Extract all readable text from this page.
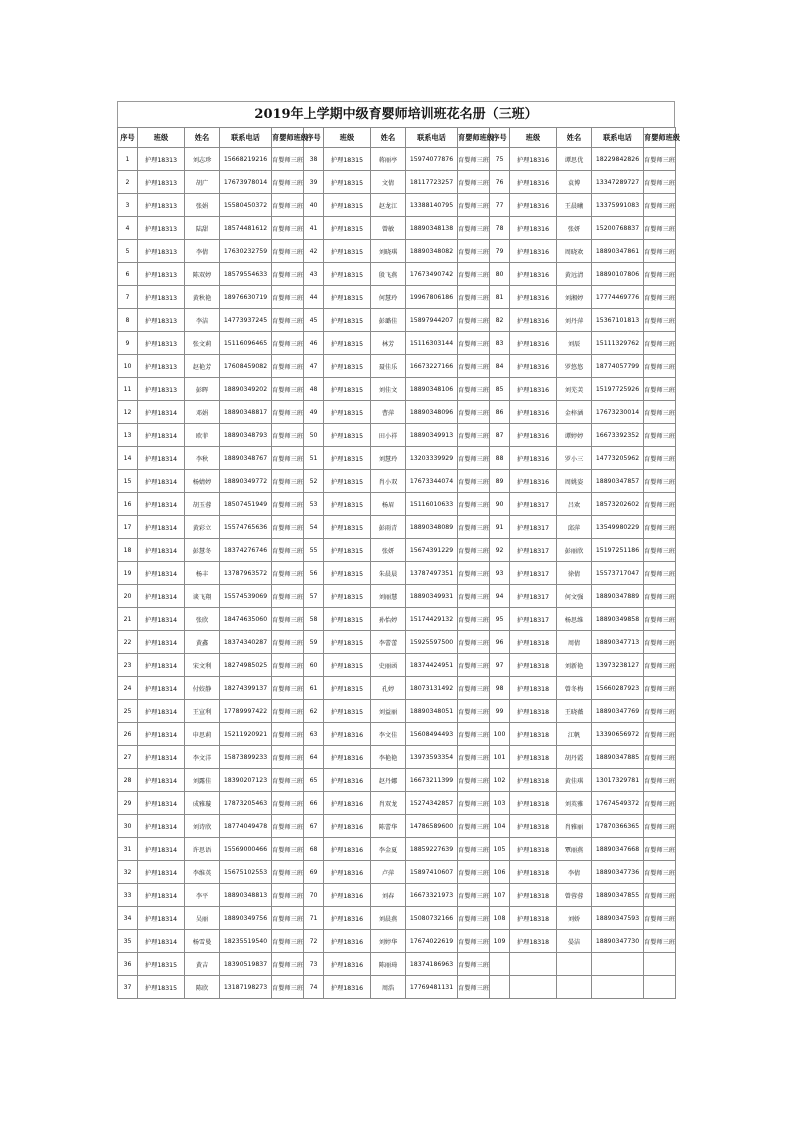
2019年上学期中级育婴师培训班花名册（三班）
序号	班级	姓名	联系电话	育婴师班级	序号	班级	姓名	联系电话	育婴师班级	序号	班级	姓名	联系电话	育婴师班级
1	护理18313	刘志珍	15668219216	育婴师三班	38	护理18315	蒋丽亭	15974077876	育婴师三班	75	护理18316	谭思优	18229842826	育婴师三班
2	护理18313	胡广	17673978014	育婴师三班	39	护理18315	文倩	18117723257	育婴师三班	76	护理18316	袁博	13347289727	育婴师三班
3	护理18313	张娟	15580450372	育婴师三班	40	护理18315	赵龙江	13388140795	育婴师三班	77	护理18316	王晨曦	13375991083	育婴师三班
4	护理18313	陆甜	18574481612	育婴师三班	41	护理18315	曾敏	18890348138	育婴师三班	78	护理18316	张妍	15200768837	育婴师三班
5	护理18313	李倩	17630232759	育婴师三班	42	护理18315	刘晓琪	18890348082	育婴师三班	79	护理18316	周晓欢	18890347861	育婴师三班
6	护理18313	陈双婷	18579554633	育婴师三班	43	护理18315	殷飞燕	17673490742	育婴师三班	80	护理18316	黄远清	18890107806	育婴师三班
7	护理18313	黄秋艳	18976630719	育婴师三班	44	护理18315	何慧玲	19967806186	育婴师三班	81	护理18316	刘湘婷	17774469776	育婴师三班
8	护理18313	李洁	14773937245	育婴师三班	45	护理18315	彭璐佳	15897944207	育婴师三班	82	护理18316	刘丹萍	15367101813	育婴师三班
9	护理18313	张文莉	15116096465	育婴师三班	46	护理18315	林芳	15116303144	育婴师三班	83	护理18316	刘辰	15111329762	育婴师三班
10	护理18313	赵艳芳	17608459082	育婴师三班	47	护理18315	聂佳乐	16673227166	育婴师三班	84	护理18316	罗悠悠	18774057799	育婴师三班
11	护理18313	彭晖	18890349202	育婴师三班	48	护理18315	刘佳文	18890348106	育婴师三班	85	护理18316	刘芜芙	15197725926	育婴师三班
12	护理18314	邓娟	18890348817	育婴师三班	49	护理18315	曹萍	18890348096	育婴师三班	86	护理18316	金梓涵	17673230014	育婴师三班
13	护理18314	欧菲	18890348793	育婴师三班	50	护理18315	田小祥	18890349913	育婴师三班	87	护理18316	谭婷婷	16673392352	育婴师三班
14	护理18314	李秋	18890348767	育婴师三班	51	护理18315	刘慧玲	13203339929	育婴师三班	88	护理18316	罗小三	14773205962	育婴师三班
15	护理18314	杨婧婷	18890349772	育婴师三班	52	护理18315	肖小双	17673344074	育婴师三班	89	护理18316	周姚姿	18890347857	育婴师三班
16	护理18314	胡玉蓉	18507451949	育婴师三班	53	护理18315	杨眉	15116010633	育婴师三班	90	护理18317	吕欢	18573202602	育婴师三班
17	护理18314	黄彩立	15574765636	育婴师三班	54	护理18315	彭雨青	18890348089	育婴师三班	91	护理18317	邱萍	13549980229	育婴师三班
18	护理18314	彭慧冬	18374276746	育婴师三班	55	护理18315	张妍	15674391229	育婴师三班	92	护理18317	彭丽欣	15197251186	育婴师三班
19	护理18314	杨丰	13787963572	育婴师三班	56	护理18315	朱晨晨	13787497351	育婴师三班	93	护理18317	徐倩	15573717047	育婴师三班
20	护理18314	谈飞翔	15574539069	育婴师三班	57	护理18315	刘丽慧	18890349931	育婴师三班	94	护理18317	何文强	18890347889	育婴师三班
21	护理18314	张欣	18474635060	育婴师三班	58	护理18315	孙怡婷	15174429132	育婴师三班	95	护理18317	杨思维	18890349858	育婴师三班
22	护理18314	黄鑫	18374340287	育婴师三班	59	护理18315	李蕾蕾	15925597500	育婴师三班	96	护理18318	周倩	18890347713	育婴师三班
23	护理18314	宋文利	18274985025	育婴师三班	60	护理18315	史丽函	18374424951	育婴师三班	97	护理18318	刘新艳	13973238127	育婴师三班
24	护理18314	付姣静	18274399137	育婴师三班	61	护理18315	孔婷	18073131492	育婴师三班	98	护理18318	曾冬梅	15660287923	育婴师三班
25	护理18314	王宣利	17789997422	育婴师三班	62	护理18315	刘益丽	18890348051	育婴师三班	99	护理18318	王晓薇	18890347769	育婴师三班
26	护理18314	申思莉	15211920921	育婴师三班	63	护理18316	李文佳	15608494493	育婴师三班	100	护理18318	江帆	13390656972	育婴师三班
27	护理18314	李文洋	15873899233	育婴师三班	64	护理18316	李艳艳	13973593354	育婴师三班	101	护理18318	胡丹霞	18890347885	育婴师三班
28	护理18314	刘露佳	18390207123	育婴师三班	65	护理18316	赵丹娜	16673211399	育婴师三班	102	护理18318	黄佳琪	13017329781	育婴师三班
29	护理18314	成雅璇	17873205463	育婴师三班	66	护理18316	肖双龙	15274342857	育婴师三班	103	护理18318	刘英雅	17674549372	育婴师三班
30	护理18314	刘诗欣	18774049478	育婴师三班	67	护理18316	陈蕾华	14786589600	育婴师三班	104	护理18318	肖雅丽	17870366365	育婴师三班
31	护理18314	许思语	15569000466	育婴师三班	68	护理18316	李金夏	18859227639	育婴师三班	105	护理18318	覃丽燕	18890347668	育婴师三班
32	护理18314	李维英	15675102553	育婴师三班	69	护理18316	卢萍	15897410607	育婴师三班	106	护理18318	李倩	18890347736	育婴师三班
33	护理18314	李平	18890348813	育婴师三班	70	护理18316	刘春	16673321973	育婴师三班	107	护理18318	曾蓉蓉	18890347855	育婴师三班
34	护理18314	吴丽	18890349756	育婴师三班	71	护理18316	刘晨燕	15080732166	育婴师三班	108	护理18318	刘娇	18890347593	育婴师三班
35	护理18314	杨雪曼	18235519540	育婴师三班	72	护理18316	刘婷华	17674022619	育婴师三班	109	护理18318	晏洁	18890347730	育婴师三班
36	护理18315	黄吉	18390519837	育婴师三班	73	护理18316	陈丽琦	18374186963	育婴师三班					
37	护理18315	陈欣	13187198273	育婴师三班	74	护理18316	周浩	17769481131	育婴师三班					
